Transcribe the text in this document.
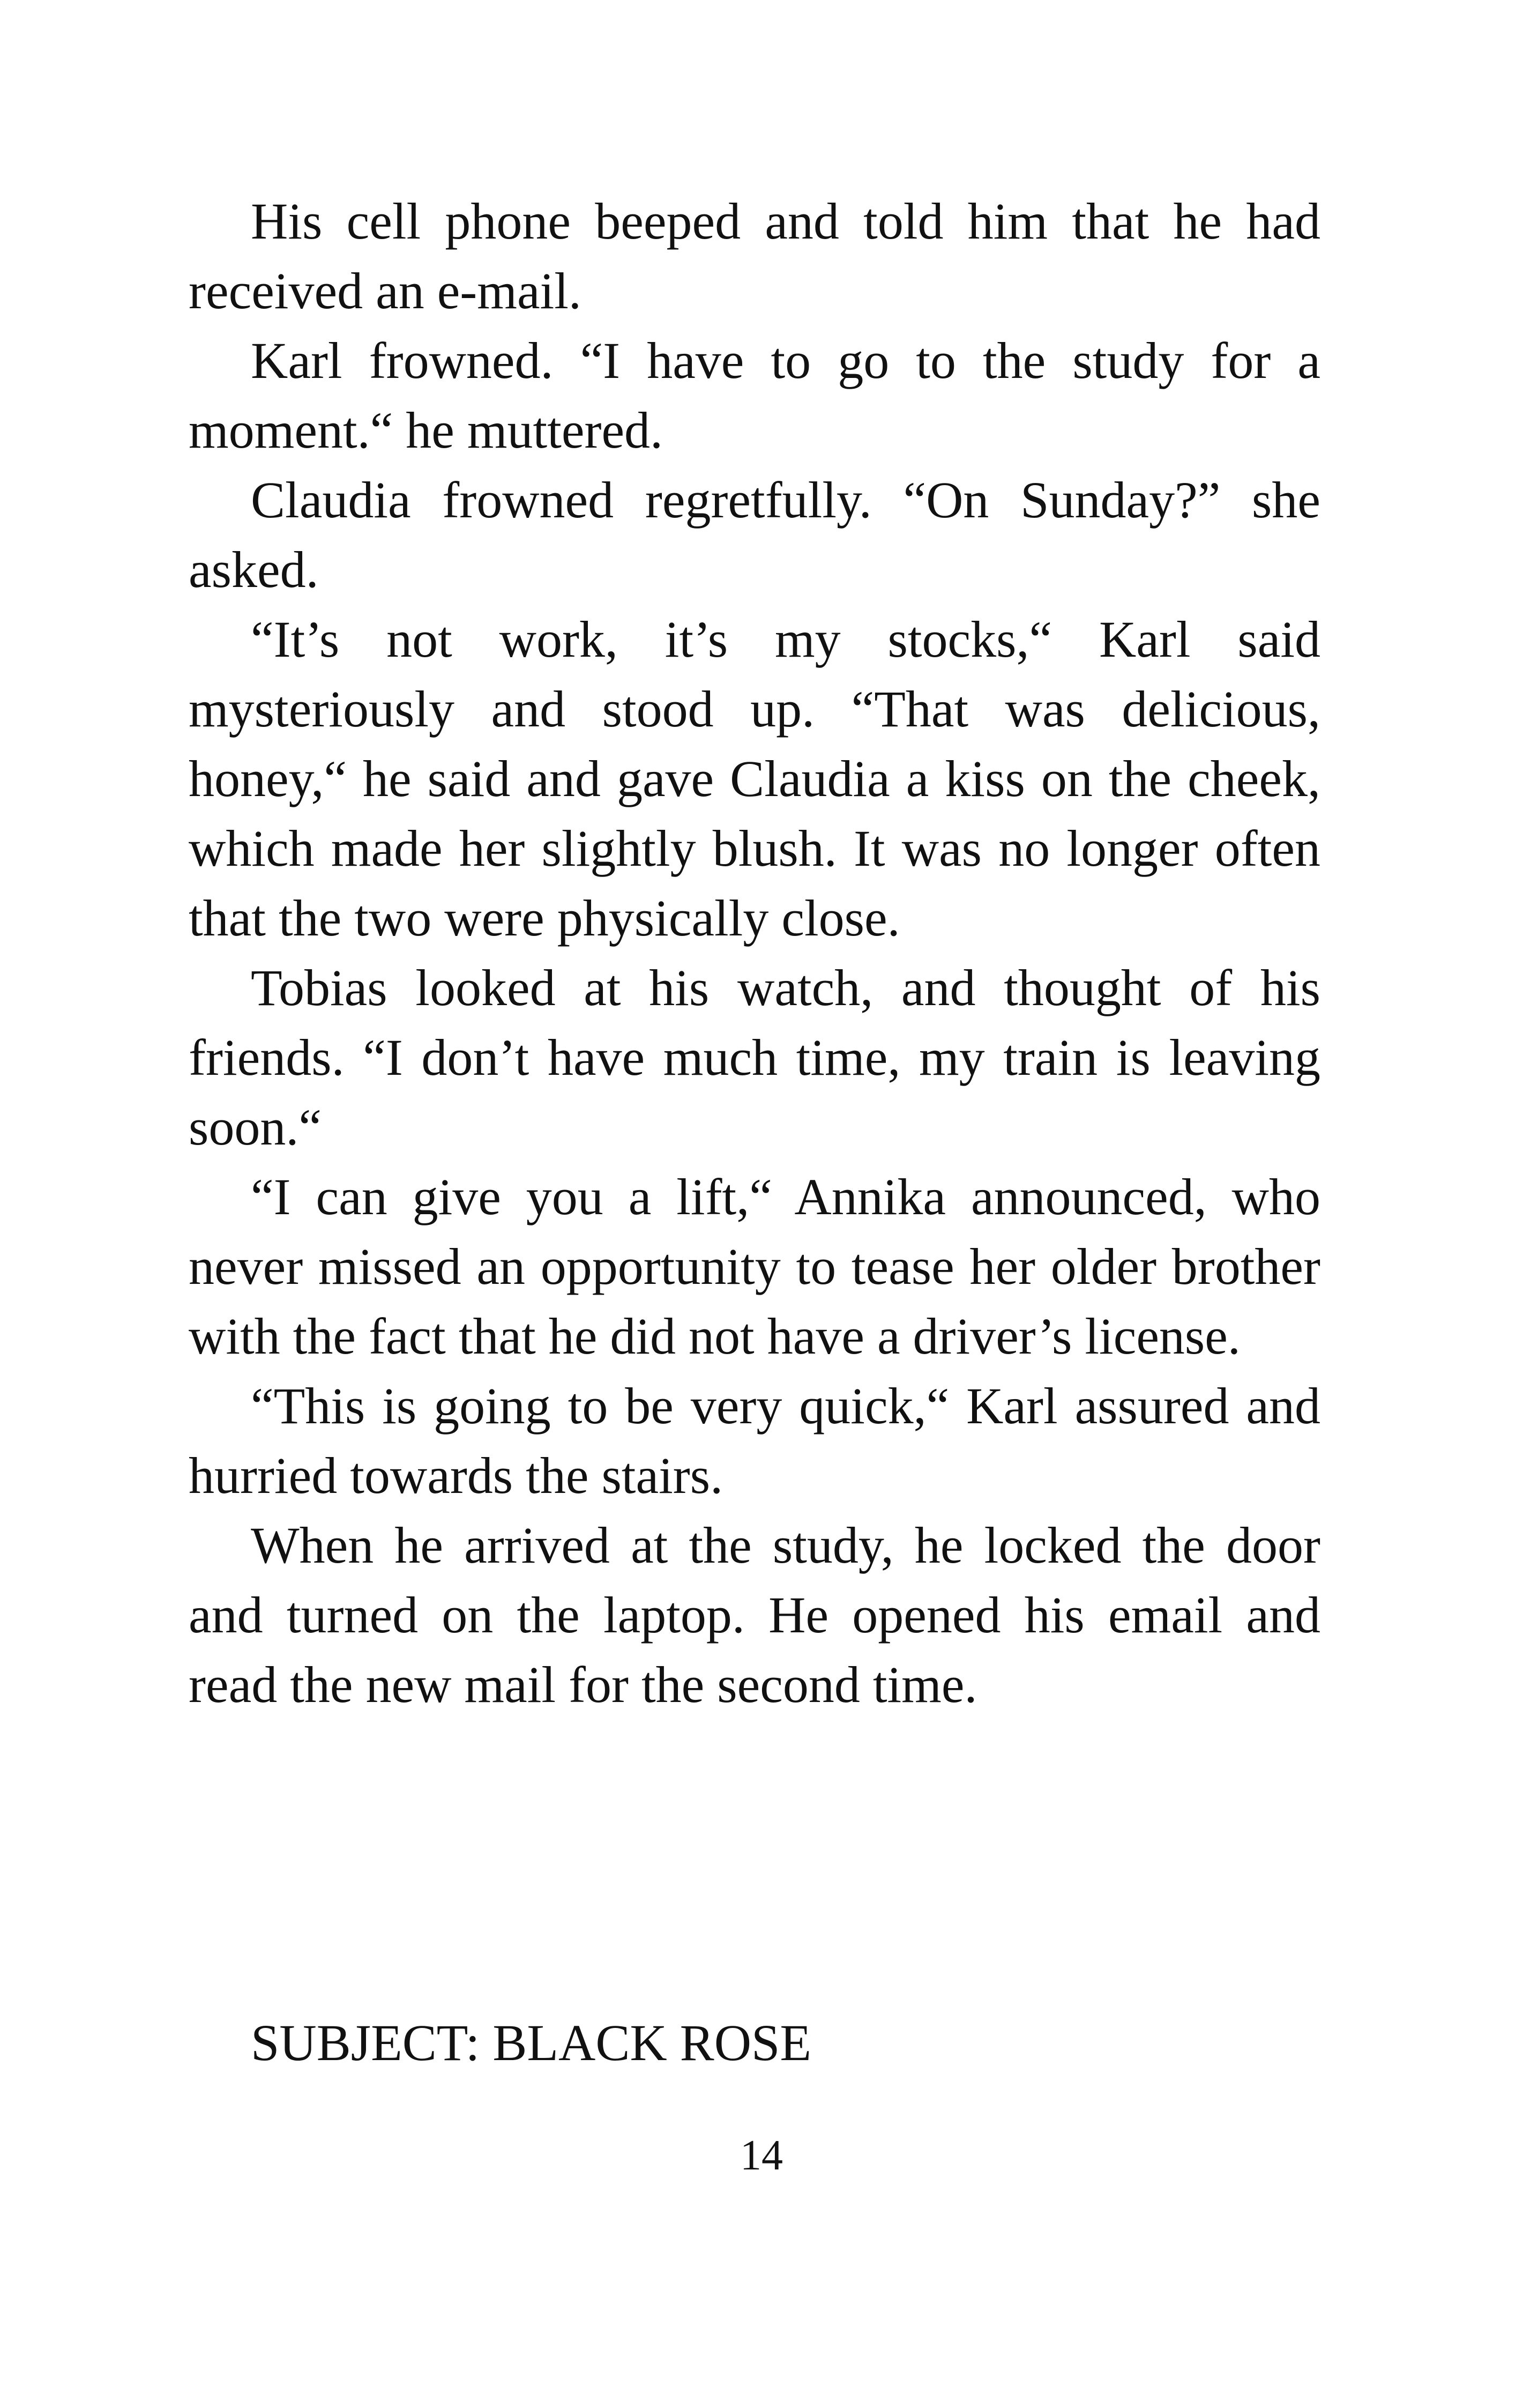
His cell phone beeped and told him that he had received an e-mail.

Karl frowned. “I have to go to the study for a moment.“ he muttered.

Claudia frowned regretfully. “On Sunday?” she asked.

“It’s not work, it’s my stocks,“ Karl said mysteriously and stood up. “That was delicious, honey,“ he said and gave Claudia a kiss on the cheek, which made her slightly blush. It was no longer often that the two were physically close.

Tobias looked at his watch, and thought of his friends. “I don’t have much time, my train is leaving soon.“

“I can give you a lift,“ Annika announced, who never missed an opportunity to tease her older brother with the fact that he did not have a driver’s license.

“This is going to be very quick,“ Karl assured and hurried towards the stairs.

When he arrived at the study, he locked the door and turned on the laptop. He opened his email and read the new mail for the second time.

SUBJECT: BLACK ROSE
14
